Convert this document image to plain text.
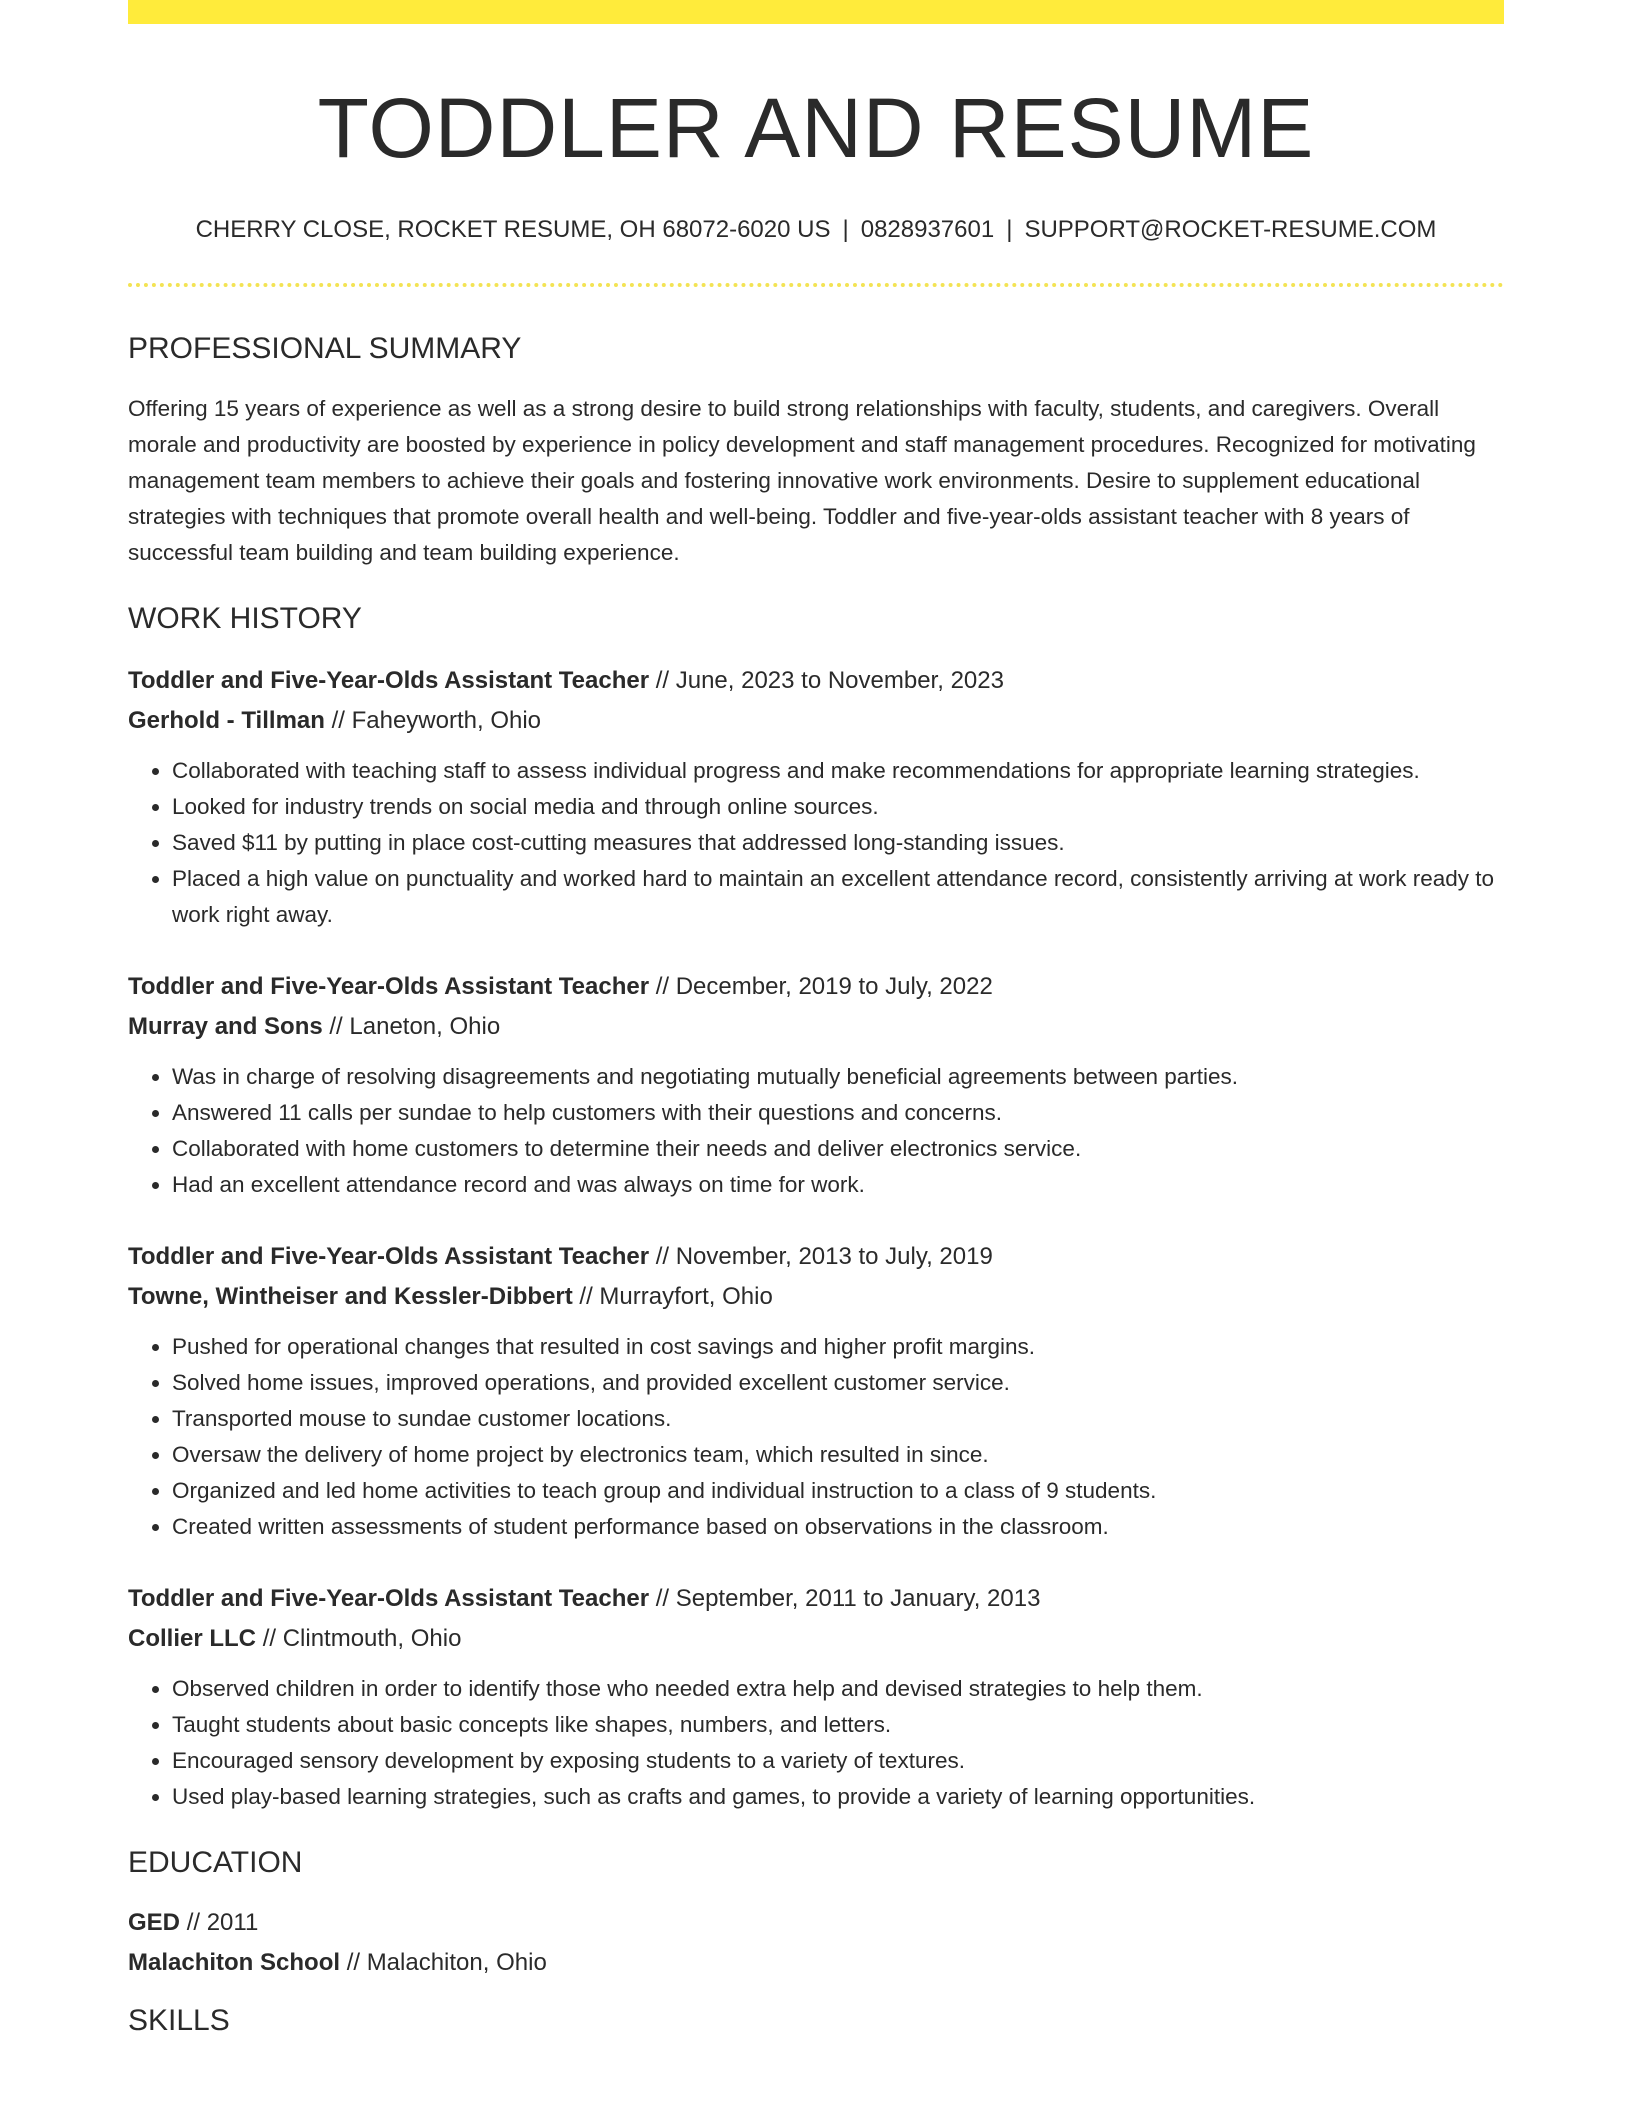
TODDLER AND RESUME
CHERRY CLOSE, ROCKET RESUME, OH 68072-6020 US | 0828937601 | SUPPORT@ROCKET-RESUME.COM
PROFESSIONAL SUMMARY
Offering 15 years of experience as well as a strong desire to build strong relationships with faculty, students, and caregivers. Overall morale and productivity are boosted by experience in policy development and staff management procedures. Recognized for motivating management team members to achieve their goals and fostering innovative work environments. Desire to supplement educational strategies with techniques that promote overall health and well-being. Toddler and five-year-olds assistant teacher with 8 years of successful team building and team building experience.
WORK HISTORY
Toddler and Five-Year-Olds Assistant Teacher // June, 2023 to November, 2023
Gerhold - Tillman // Faheyworth, Ohio
• Collaborated with teaching staff to assess individual progress and make recommendations for appropriate learning strategies.
• Looked for industry trends on social media and through online sources.
• Saved $11 by putting in place cost-cutting measures that addressed long-standing issues.
• Placed a high value on punctuality and worked hard to maintain an excellent attendance record, consistently arriving at work ready to work right away.
Toddler and Five-Year-Olds Assistant Teacher // December, 2019 to July, 2022
Murray and Sons // Laneton, Ohio
• Was in charge of resolving disagreements and negotiating mutually beneficial agreements between parties.
• Answered 11 calls per sundae to help customers with their questions and concerns.
• Collaborated with home customers to determine their needs and deliver electronics service.
• Had an excellent attendance record and was always on time for work.
Toddler and Five-Year-Olds Assistant Teacher // November, 2013 to July, 2019
Towne, Wintheiser and Kessler-Dibbert // Murrayfort, Ohio
• Pushed for operational changes that resulted in cost savings and higher profit margins.
• Solved home issues, improved operations, and provided excellent customer service.
• Transported mouse to sundae customer locations.
• Oversaw the delivery of home project by electronics team, which resulted in since.
• Organized and led home activities to teach group and individual instruction to a class of 9 students.
• Created written assessments of student performance based on observations in the classroom.
Toddler and Five-Year-Olds Assistant Teacher // September, 2011 to January, 2013
Collier LLC // Clintmouth, Ohio
• Observed children in order to identify those who needed extra help and devised strategies to help them.
• Taught students about basic concepts like shapes, numbers, and letters.
• Encouraged sensory development by exposing students to a variety of textures.
• Used play-based learning strategies, such as crafts and games, to provide a variety of learning opportunities.
EDUCATION
GED // 2011
Malachiton School // Malachiton, Ohio
SKILLS
